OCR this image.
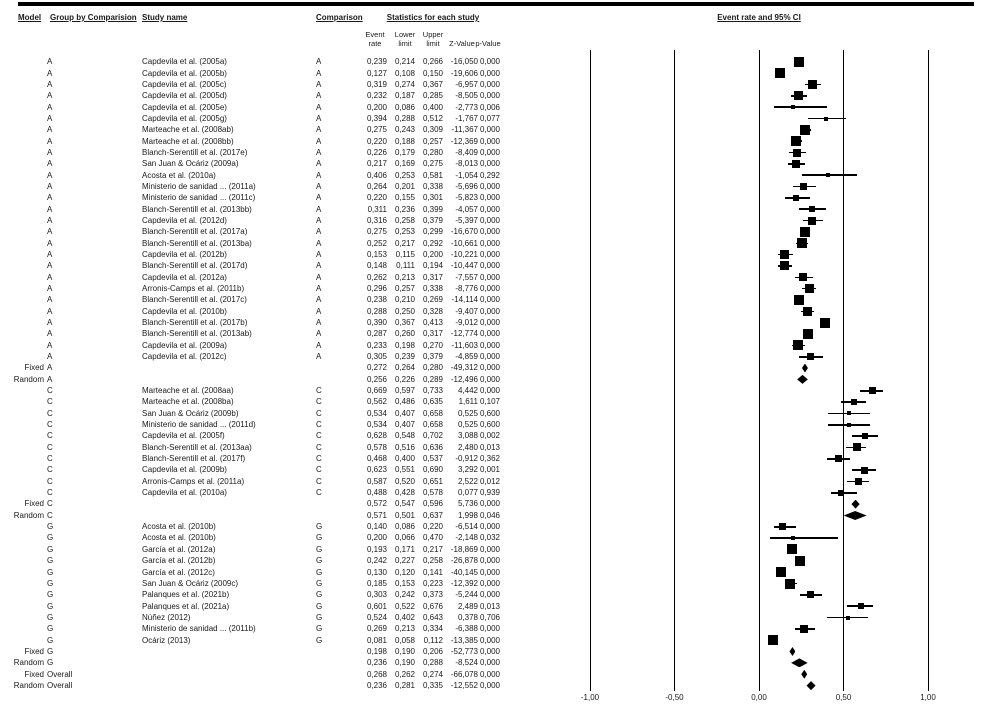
Model Group by Comparision Study name	Comparison	Statistics for each study	Event rate and 95% CI
Event rate
Lower limit
Upper limit	Z-Value p-Value
-1,00	-0,50	0,00	0,50	1,00
A	Capdevila et al. (2005a)	A	0,239 0,214 0,266 -16,050 0,000
A	Capdevila et al. (2005b)	A	0,127 0,108 0,150 -19,606 0,000
A	Capdevila et al. (2005c)	A	0,319 0,274 0,367	-6,957 0,000
A	Capdevila et al. (2005d)	A	0,232 0,187 0,285	-8,505 0,000
A	Capdevila et al. (2005e)	A	0,200 0,086 0,400	-2,773 0,006
A	Capdevila et al. (2005g)	A	0,394 0,288 0,512	-1,767 0,077
A	Marteache et al. (2008ab)	A	0,275 0,243 0,309	-11,367 0,000
A	Marteache et al. (2008bb)	A	0,220 0,188 0,257 -12,369 0,000
A	Blanch-Serentill et al. (2017e)	A	0,226 0,179 0,280	-8,409 0,000
A	San Juan & Ocáriz (2009a)	A	0,217 0,169 0,275	-8,013 0,000
A	Acosta et al. (2010a)	A	0,406 0,253 0,581	-1,054 0,292
A	Ministerio de sanidad ... (2011a)	A	0,264 0,201 0,338	-5,696 0,000
A	Ministerio de sanidad ... (2011c)	A	0,220 0,155 0,301	-5,823 0,000
A	Blanch-Serentill et al. (2013bb)	A	0,311 0,236 0,399	-4,057 0,000
A	Capdevila et al. (2012d)	A	0,316 0,258 0,379	-5,397 0,000
A	Blanch-Serentill et al. (2017a)	A	0,275 0,253 0,299 -16,670 0,000
A	Blanch-Serentill et al. (2013ba)	A	0,252 0,217 0,292 -10,661 0,000
A	Capdevila et al. (2012b)	A	0,153	0,115 0,200 -10,221 0,000
A	Blanch-Serentill et al. (2017d)	A	0,148	0,111 0,194 -10,447 0,000
A	Capdevila et al. (2012a)	A	0,262 0,213 0,317	-7,557 0,000
A	Arronis-Camps et al. (2011b)	A	0,296 0,257 0,338	-8,776 0,000
A	Blanch-Serentill et al. (2017c)	A	0,238 0,210 0,269	-14,114 0,000
A	Capdevila et al. (2010b)	A	0,288 0,250 0,328	-9,407 0,000
A	Blanch-Serentill et al. (2017b)	A	0,390 0,367 0,413	-9,012 0,000
A	Blanch-Serentill et al. (2013ab)	A	0,287 0,260 0,317 -12,774 0,000
A	Capdevila et al. (2009a)	A	0,233 0,198 0,270	-11,603 0,000
A	Capdevila et al. (2012c)	A	0,305 0,239 0,379	-4,859 0,000
Fixed A	0,272 0,264 0,280 -49,312 0,000
Random A	0,256 0,226 0,289 -12,496 0,000
C	Marteache et al. (2008aa)	C	0,669 0,597 0,733	4,442 0,000
C	Marteache et al. (2008ba)	C	0,562 0,486 0,635	1,611 0,107
C	San Juan & Ocáriz (2009b)	C	0,534 0,407 0,658	0,525 0,600
C	Ministerio de sanidad ... (2011d)	C	0,534 0,407 0,658	0,525 0,600
C	Capdevila et al. (2005f)	C	0,628 0,548 0,702	3,088 0,002
C	Blanch-Serentill et al. (2013aa)	C	0,578 0,516 0,636	2,480 0,013
C	Blanch-Serentill et al. (2017f)	C	0,468 0,400 0,537	-0,912 0,362
C	Capdevila et al. (2009b)	C	0,623 0,551 0,690	3,292 0,001
C	Arronis-Camps et al. (2011a)	C	0,587 0,520 0,651	2,522 0,012
C	Capdevila et al. (2010a)	C	0,488 0,428 0,578	0,077 0,939
Fixed C	0,572 0,547 0,596	5,736 0,000
Random C	0,571 0,501 0,637	1,998 0,046
G	Acosta et al. (2010b)	G	0,140 0,086 0,220	-6,514 0,000
G	Acosta et al. (2010b)	G	0,200 0,066 0,470	-2,148 0,032
G	García et al. (2012a)	G	0,193 0,171 0,217 -18,869 0,000
G	García et al. (2012b)	G	0,242 0,227 0,258 -26,878 0,000
G	García et al. (2012c)	G	0,130 0,120 0,141 -40,145 0,000
G	San Juan & Ocáriz (2009c)	G	0,185 0,153 0,223 -12,392 0,000
G	Palanques et al. (2021b)	G	0,303 0,242 0,373	-5,244 0,000
G	Palanques et al. (2021a)	G	0,601 0,522 0,676	2,489 0,013
G	Núñez (2012)	G	0,524 0,402 0,643	0,378 0,706
G	Ministerio de sanidad ... (2011b)	G	0,269 0,213 0,334	-6,388 0,000
G	Ocáriz (2013)	G	0,081 0,058	0,112 -13,385 0,000
Fixed G	0,198 0,190 0,206 -52,773 0,000
Random G	0,236 0,190 0,288	-8,524 0,000
Fixed Overall	0,268 0,262 0,274 -66,078 0,000
Random Overall	0,236 0,281 0,335 -12,552 0,000
